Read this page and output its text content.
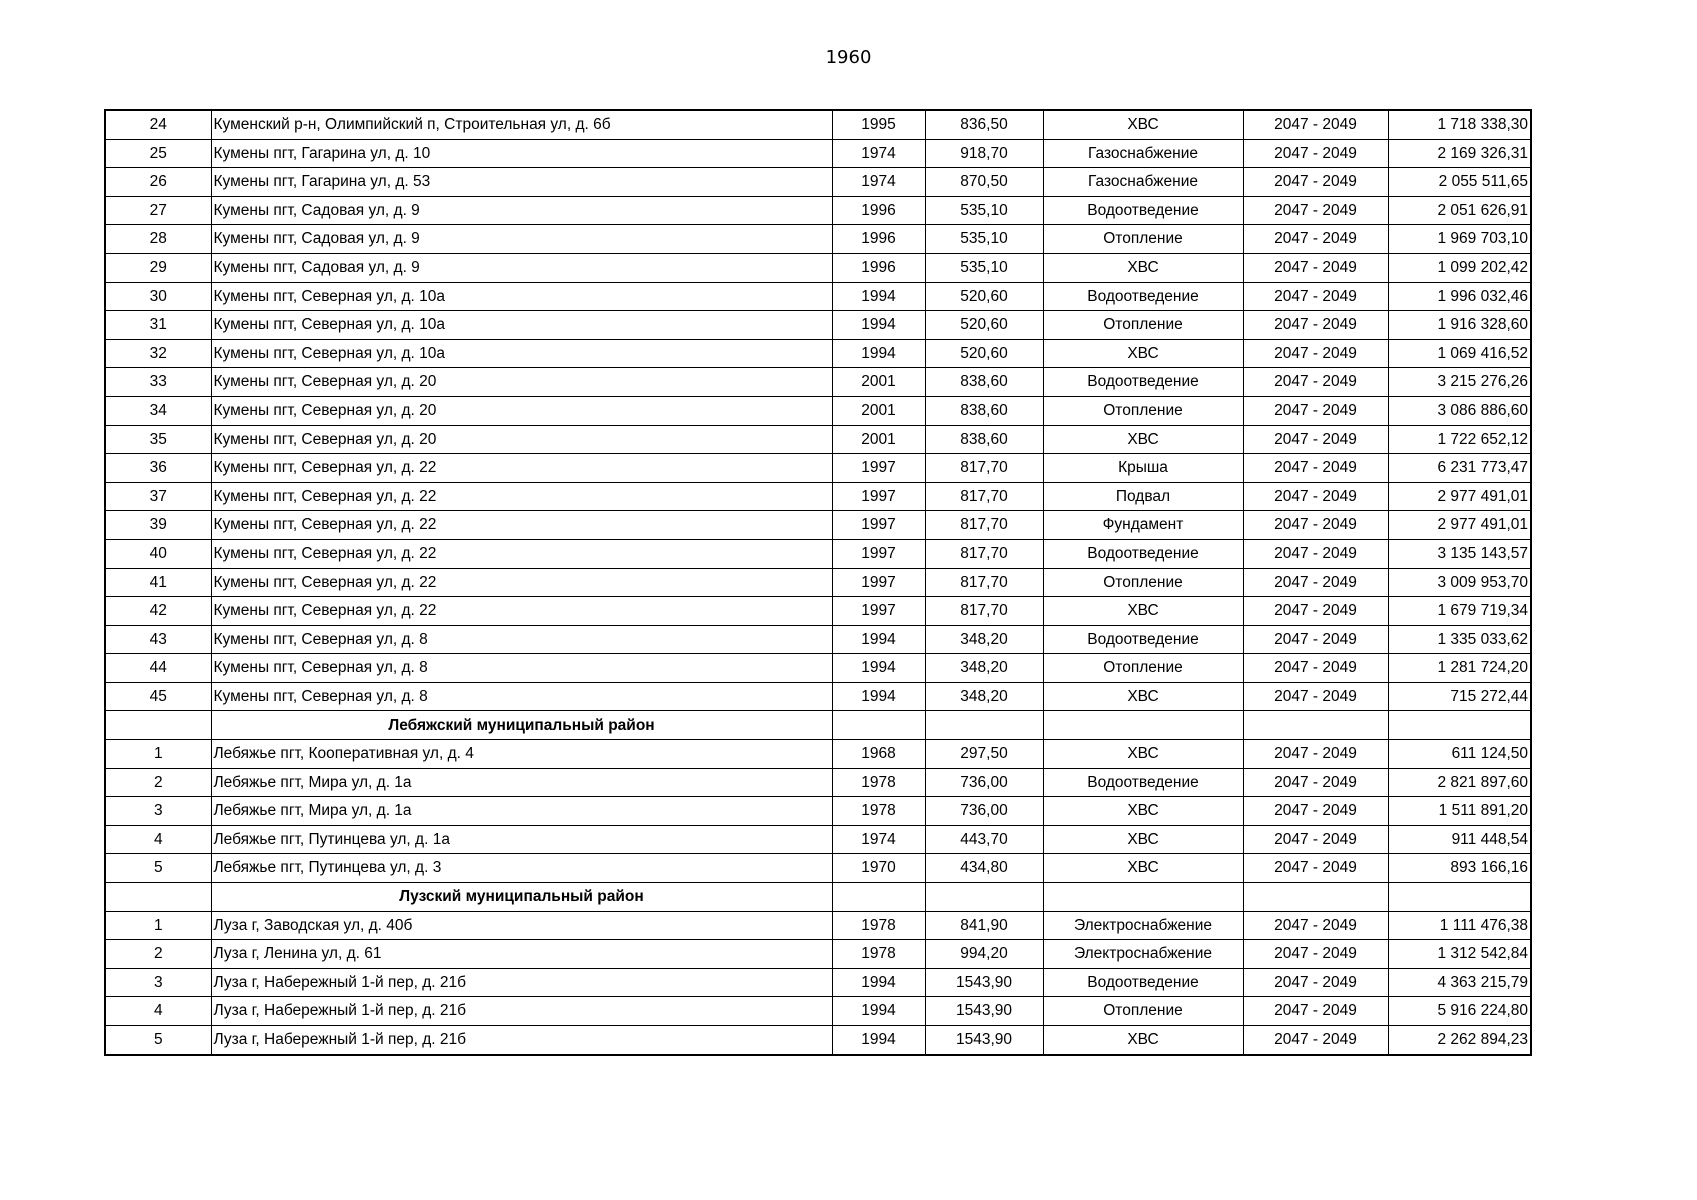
1960
24	Куменский р-н, Олимпийский п, Строительная ул, д. 6б	1995	836,50	ХВС	2047 - 2049	1 718 338,30
25	Кумены пгт, Гагарина ул, д. 10	1974	918,70	Газоснабжение	2047 - 2049	2 169 326,31
26	Кумены пгт, Гагарина ул, д. 53	1974	870,50	Газоснабжение	2047 - 2049	2 055 511,65
27	Кумены пгт, Садовая ул, д. 9	1996	535,10	Водоотведение	2047 - 2049	2 051 626,91
28	Кумены пгт, Садовая ул, д. 9	1996	535,10	Отопление	2047 - 2049	1 969 703,10
29	Кумены пгт, Садовая ул, д. 9	1996	535,10	ХВС	2047 - 2049	1 099 202,42
30	Кумены пгт, Северная ул, д. 10а	1994	520,60	Водоотведение	2047 - 2049	1 996 032,46
31	Кумены пгт, Северная ул, д. 10а	1994	520,60	Отопление	2047 - 2049	1 916 328,60
32	Кумены пгт, Северная ул, д. 10а	1994	520,60	ХВС	2047 - 2049	1 069 416,52
33	Кумены пгт, Северная ул, д. 20	2001	838,60	Водоотведение	2047 - 2049	3 215 276,26
34	Кумены пгт, Северная ул, д. 20	2001	838,60	Отопление	2047 - 2049	3 086 886,60
35	Кумены пгт, Северная ул, д. 20	2001	838,60	ХВС	2047 - 2049	1 722 652,12
36	Кумены пгт, Северная ул, д. 22	1997	817,70	Крыша	2047 - 2049	6 231 773,47
37	Кумены пгт, Северная ул, д. 22	1997	817,70	Подвал	2047 - 2049	2 977 491,01
39	Кумены пгт, Северная ул, д. 22	1997	817,70	Фундамент	2047 - 2049	2 977 491,01
40	Кумены пгт, Северная ул, д. 22	1997	817,70	Водоотведение	2047 - 2049	3 135 143,57
41	Кумены пгт, Северная ул, д. 22	1997	817,70	Отопление	2047 - 2049	3 009 953,70
42	Кумены пгт, Северная ул, д. 22	1997	817,70	ХВС	2047 - 2049	1 679 719,34
43	Кумены пгт, Северная ул, д. 8	1994	348,20	Водоотведение	2047 - 2049	1 335 033,62
44	Кумены пгт, Северная ул, д. 8	1994	348,20	Отопление	2047 - 2049	1 281 724,20
45	Кумены пгт, Северная ул, д. 8	1994	348,20	ХВС	2047 - 2049	715 272,44
	Лебяжский муниципальный район					
1	Лебяжье пгт, Кооперативная ул, д. 4	1968	297,50	ХВС	2047 - 2049	611 124,50
2	Лебяжье пгт, Мира ул, д. 1а	1978	736,00	Водоотведение	2047 - 2049	2 821 897,60
3	Лебяжье пгт, Мира ул, д. 1а	1978	736,00	ХВС	2047 - 2049	1 511 891,20
4	Лебяжье пгт, Путинцева ул, д. 1а	1974	443,70	ХВС	2047 - 2049	911 448,54
5	Лебяжье пгт, Путинцева ул, д. 3	1970	434,80	ХВС	2047 - 2049	893 166,16
	Лузский муниципальный район					
1	Луза г, Заводская ул, д. 40б	1978	841,90	Электроснабжение	2047 - 2049	1 111 476,38
2	Луза г, Ленина ул, д. 61	1978	994,20	Электроснабжение	2047 - 2049	1 312 542,84
3	Луза г, Набережный 1-й пер, д. 21б	1994	1543,90	Водоотведение	2047 - 2049	4 363 215,79
4	Луза г, Набережный 1-й пер, д. 21б	1994	1543,90	Отопление	2047 - 2049	5 916 224,80
5	Луза г, Набережный 1-й пер, д. 21б	1994	1543,90	ХВС	2047 - 2049	2 262 894,23
